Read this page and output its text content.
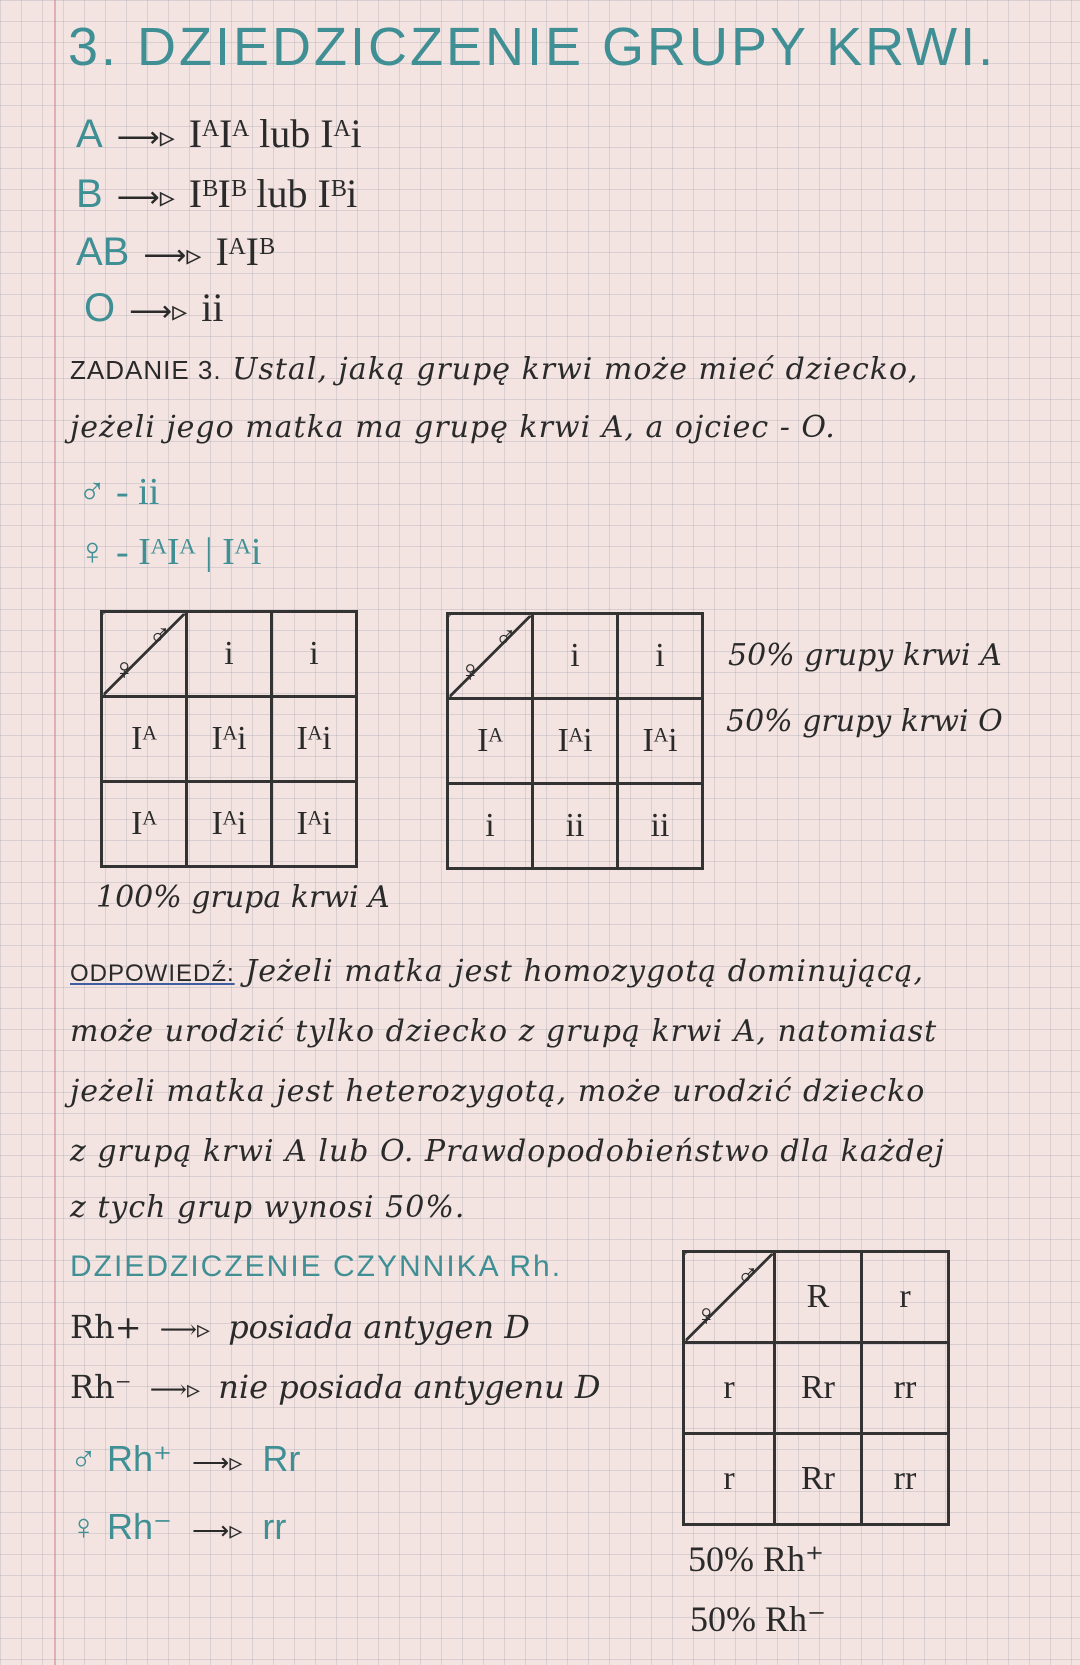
3. DZIEDZICZENIE GRUPY KRWI.
A ⟶▹ IᴬIᴬ lub Iᴬi
B ⟶▹ IᴮIᴮ lub Iᴮi
AB ⟶▹ IᴬIᴮ
O ⟶▹ ii
ZADANIE 3. Ustal, jaką grupę krwi może mieć dziecko,
jeżeli jego matka ma grupę krwi A, a ojciec - O.
♂ - ii
♀ - IᴬIᴬ | Iᴬi
♂
♀	i	i
Iᴬ	Iᴬi	Iᴬi
Iᴬ	Iᴬi	Iᴬi
100% grupa krwi A
♂
♀	i	i
Iᴬ	Iᴬi	Iᴬi
i	ii	ii
50% grupy krwi A
50% grupy krwi O
ODPOWIEDŹ: Jeżeli matka jest homozygotą dominującą,
może urodzić tylko dziecko z grupą krwi A, natomiast
jeżeli matka jest heterozygotą, może urodzić dziecko
z grupą krwi A lub O. Prawdopodobieństwo dla każdej
z tych grup wynosi 50%.
DZIEDZICZENIE CZYNNIKA Rh.
Rh+ ⟶▹ posiada antygen D
Rh⁻ ⟶▹ nie posiada antygenu D
♂ Rh⁺ ⟶▹ Rr
♀ Rh⁻ ⟶▹ rr
♂
♀	R	r
r	Rr	rr
r	Rr	rr
50% Rh⁺
50% Rh⁻
